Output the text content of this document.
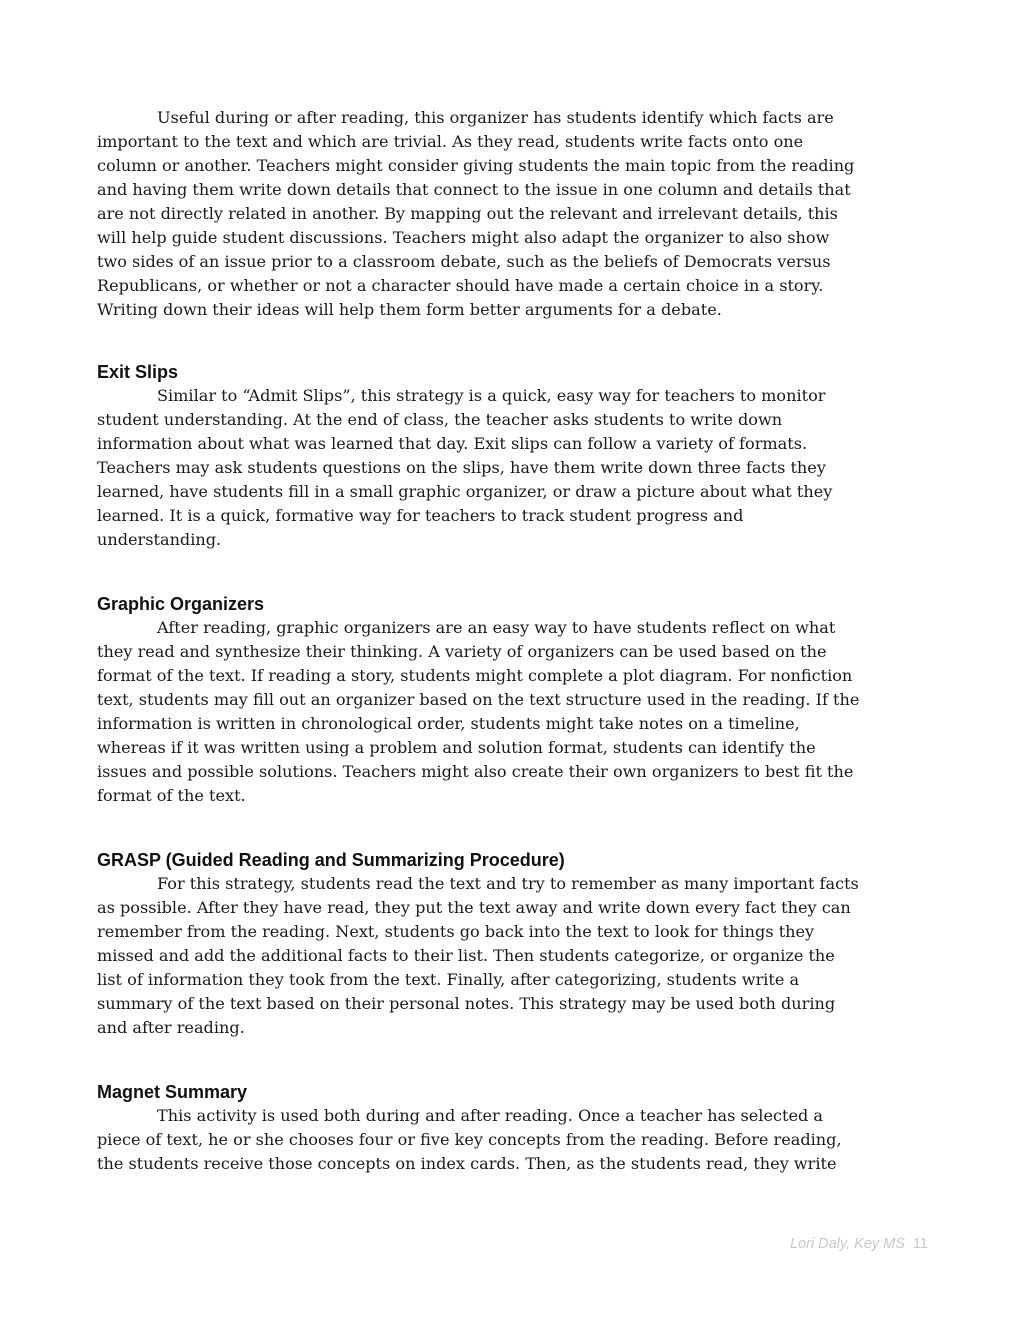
Useful during or after reading, this organizer has students identify which facts are
important to the text and which are trivial. As they read, students write facts onto one
column or another. Teachers might consider giving students the main topic from the reading
and having them write down details that connect to the issue in one column and details that
are not directly related in another. By mapping out the relevant and irrelevant details, this
will help guide student discussions. Teachers might also adapt the organizer to also show
two sides of an issue prior to a classroom debate, such as the beliefs of Democrats versus
Republicans, or whether or not a character should have made a certain choice in a story.
Writing down their ideas will help them form better arguments for a debate.
Exit Slips
Similar to “Admit Slips”, this strategy is a quick, easy way for teachers to monitor
student understanding. At the end of class, the teacher asks students to write down
information about what was learned that day. Exit slips can follow a variety of formats.
Teachers may ask students questions on the slips, have them write down three facts they
learned, have students fill in a small graphic organizer, or draw a picture about what they
learned. It is a quick, formative way for teachers to track student progress and
understanding.
Graphic Organizers
After reading, graphic organizers are an easy way to have students reflect on what
they read and synthesize their thinking. A variety of organizers can be used based on the
format of the text. If reading a story, students might complete a plot diagram. For nonfiction
text, students may fill out an organizer based on the text structure used in the reading. If the
information is written in chronological order, students might take notes on a timeline,
whereas if it was written using a problem and solution format, students can identify the
issues and possible solutions. Teachers might also create their own organizers to best fit the
format of the text.
GRASP (Guided Reading and Summarizing Procedure)
For this strategy, students read the text and try to remember as many important facts
as possible. After they have read, they put the text away and write down every fact they can
remember from the reading. Next, students go back into the text to look for things they
missed and add the additional facts to their list. Then students categorize, or organize the
list of information they took from the text. Finally, after categorizing, students write a
summary of the text based on their personal notes. This strategy may be used both during
and after reading.
Magnet Summary
This activity is used both during and after reading. Once a teacher has selected a
piece of text, he or she chooses four or five key concepts from the reading. Before reading,
the students receive those concepts on index cards. Then, as the students read, they write
Lori Daly, Key MS 11
